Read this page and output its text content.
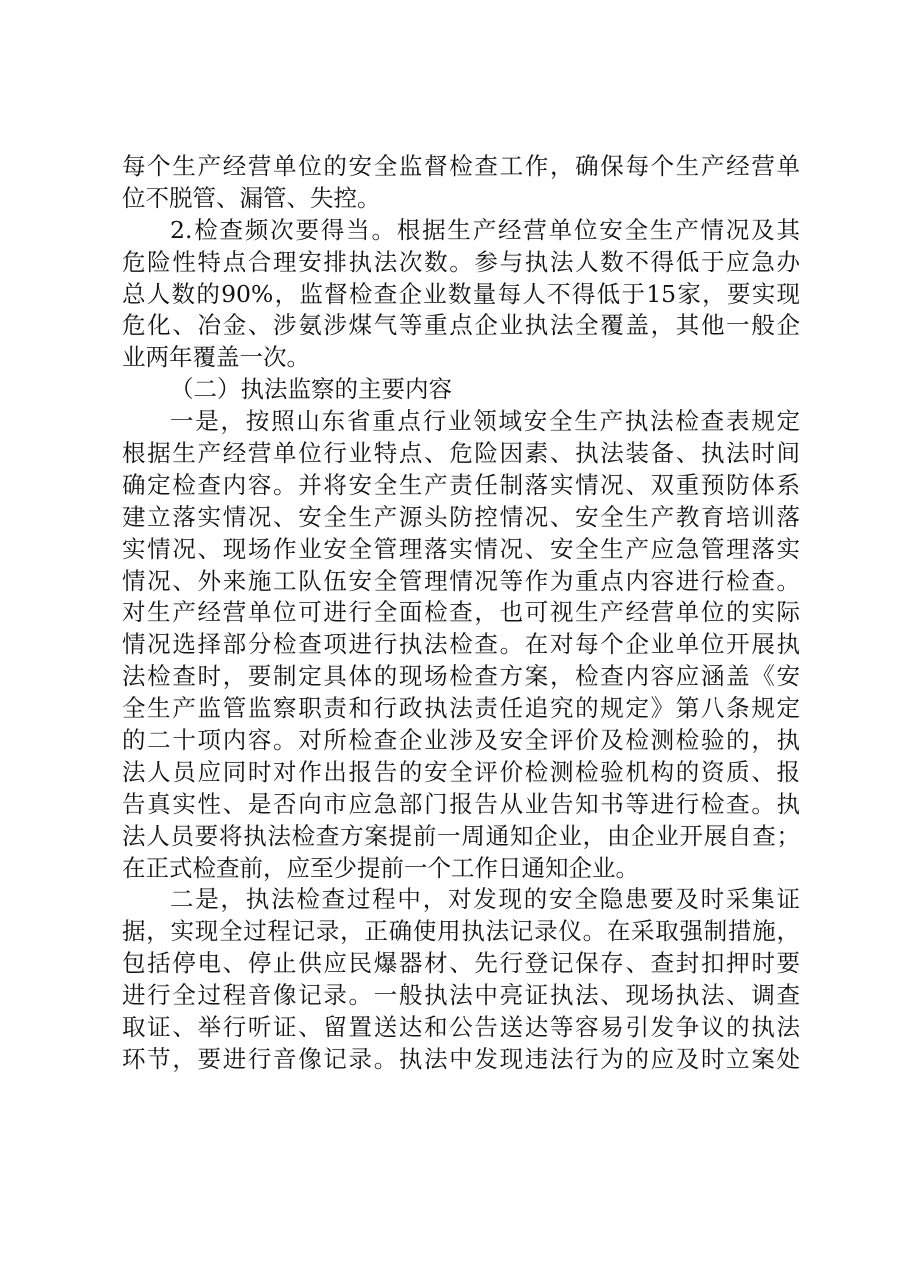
每个生产经营单位的安全监督检查工作，确保每个生产经营单
位不脱管、漏管、失控。
2.检查频次要得当。根据生产经营单位安全生产情况及其
危险性特点合理安排执法次数。参与执法人数不得低于应急办
总人数的90%，监督检查企业数量每人不得低于15家，要实现
危化、冶金、涉氨涉煤气等重点企业执法全覆盖，其他一般企
业两年覆盖一次。
（二）执法监察的主要内容
一是，按照山东省重点行业领域安全生产执法检查表规定
根据生产经营单位行业特点、危险因素、执法装备、执法时间
确定检查内容。并将安全生产责任制落实情况、双重预防体系
建立落实情况、安全生产源头防控情况、安全生产教育培训落
实情况、现场作业安全管理落实情况、安全生产应急管理落实
情况、外来施工队伍安全管理情况等作为重点内容进行检查。
对生产经营单位可进行全面检查，也可视生产经营单位的实际
情况选择部分检查项进行执法检查。在对每个企业单位开展执
法检查时，要制定具体的现场检查方案，检查内容应涵盖《安
全生产监管监察职责和行政执法责任追究的规定》第八条规定
的二十项内容。对所检查企业涉及安全评价及检测检验的，执
法人员应同时对作出报告的安全评价检测检验机构的资质、报
告真实性、是否向市应急部门报告从业告知书等进行检查。执
法人员要将执法检查方案提前一周通知企业，由企业开展自查；
在正式检查前，应至少提前一个工作日通知企业。
二是，执法检查过程中，对发现的安全隐患要及时采集证
据，实现全过程记录，正确使用执法记录仪。在采取强制措施，
包括停电、停止供应民爆器材、先行登记保存、查封扣押时要
进行全过程音像记录。一般执法中亮证执法、现场执法、调查
取证、举行听证、留置送达和公告送达等容易引发争议的执法
环节，要进行音像记录。执法中发现违法行为的应及时立案处
